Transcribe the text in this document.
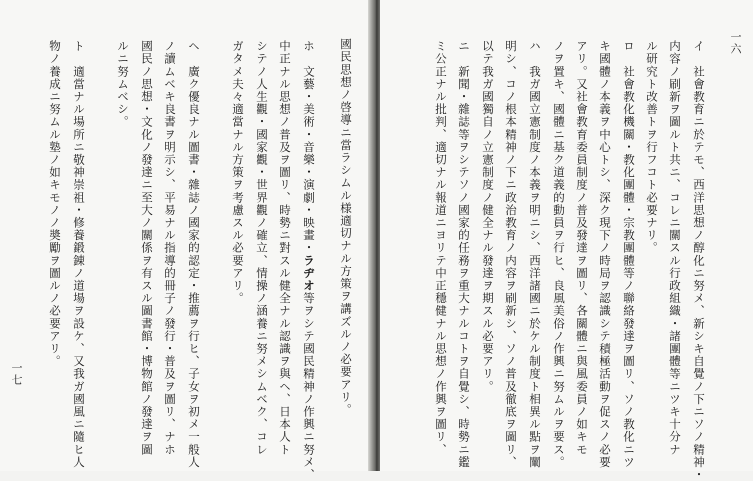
國民思想ノ啓導ニ當ラシムル様適切ナル方策ヲ講ズルノ必要アリ。
ホ　文藝・美術・音樂・演劇・映畫・ラヂオ等ヲシテ國民精神ノ作興ニ努メ、
中正ナル思想ノ普及ヲ圖リ、時勢ニ對スル健全ナル認識ヲ與ヘ、日本人ト
シテノ人生觀・國家觀・世界觀ノ確立、情操ノ涵養ニ努メシムベク、コレ
ガタメ夫々適當ナル方策ヲ考慮スル必要アリ。
ヘ　廣ク優良ナル圖書・雜誌ノ國家的認定・推薦ヲ行ヒ、子女ヲ初メ一般人
ノ讀ムベキ良書ヲ明示シ、平易ナル指導的冊子ノ發行・普及ヲ圖リ、ナホ
國民ノ思想・文化ノ發達ニ至大ノ關係ヲ有スル圖書館・博物館ノ發達ヲ圖
ルニ努ムベシ。
ト　適當ナル場所ニ敬神崇祖・修養鍛錬ノ道場ヲ設ケ、又我ガ國風ニ隨ヒ人
物ノ養成ニ努ムル塾ノ如キモノノ奬勵ヲ圖ルノ必要アリ。
一七	イ　社會教育ニ於テモ、西洋思想ノ醇化ニ努メ、新シキ自覺ノ下ニソノ精神・
内容ノ刷新ヲ圖ルト共ニ、コレニ關スル行政組織・諸團體等ニツキ十分ナ
ル研究ト改善トヲ行フコト必要ナリ。
ロ　社會教化機關・教化團體・宗教團體等ノ聯絡發達ヲ圖リ、ソノ教化ニツ
キ國體ノ本義ヲ中心トシ、深ク現下ノ時局ヲ認識シテ積極活動ヲ促スノ必要
アリ。又社會教育委員制度ノ普及發達ヲ圖リ、各關體ニ與風委員ノ如キモ
ノヲ置キ、國體ニ基ク道義的動員ヲ行ヒ、良風美俗ノ作興ニ努ムルヲ要ス。
ハ　我ガ國立憲制度ノ本義ヲ明ニシ、西洋諸國ニ於ケル制度ト相異ル點ヲ闡
明シ、コノ根本精神ノ下ニ政治教育ノ内容ヲ刷新シ、ソノ普及徹底ヲ圖リ、
以テ我ガ國獨自ノ立憲制度ノ健全ナル發達ヲ期スル必要アリ。
ニ　新聞・雜誌等ヲシテソノ國家的任務ヲ重大ナルコトヲ自覺シ、時勢ニ鑑
ミ公正ナル批判、適切ナル報道ニヨリテ中正穩健ナル思想ノ作興ヲ圖リ、	一六
